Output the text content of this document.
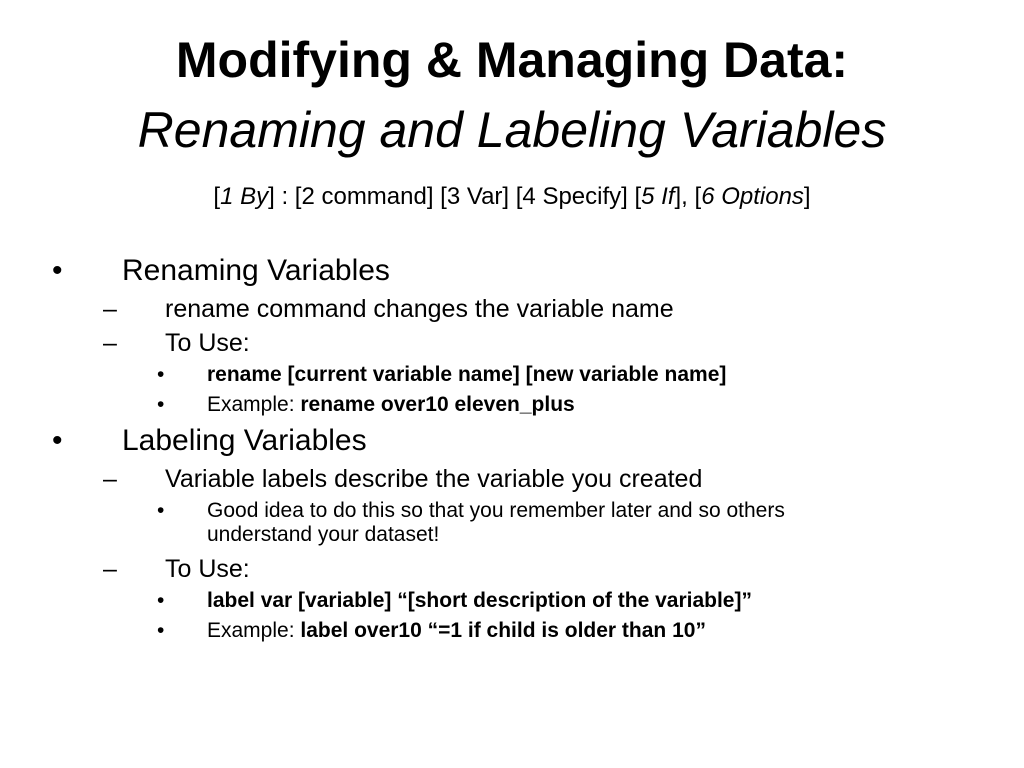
Modifying & Managing Data:
Renaming and Labeling Variables
[1 By] : [2 command] [3 Var] [4 Specify] [5 If], [6 Options]
• Renaming Variables
– rename command changes the variable name
– To Use:
• rename [current variable name] [new variable name]
• Example: rename over10 eleven_plus
• Labeling Variables
– Variable labels describe the variable you created
• Good idea to do this so that you remember later and so others
understand your dataset!
– To Use:
• label var [variable] “[short description of the variable]”
• Example: label over10 “=1 if child is older than 10”
